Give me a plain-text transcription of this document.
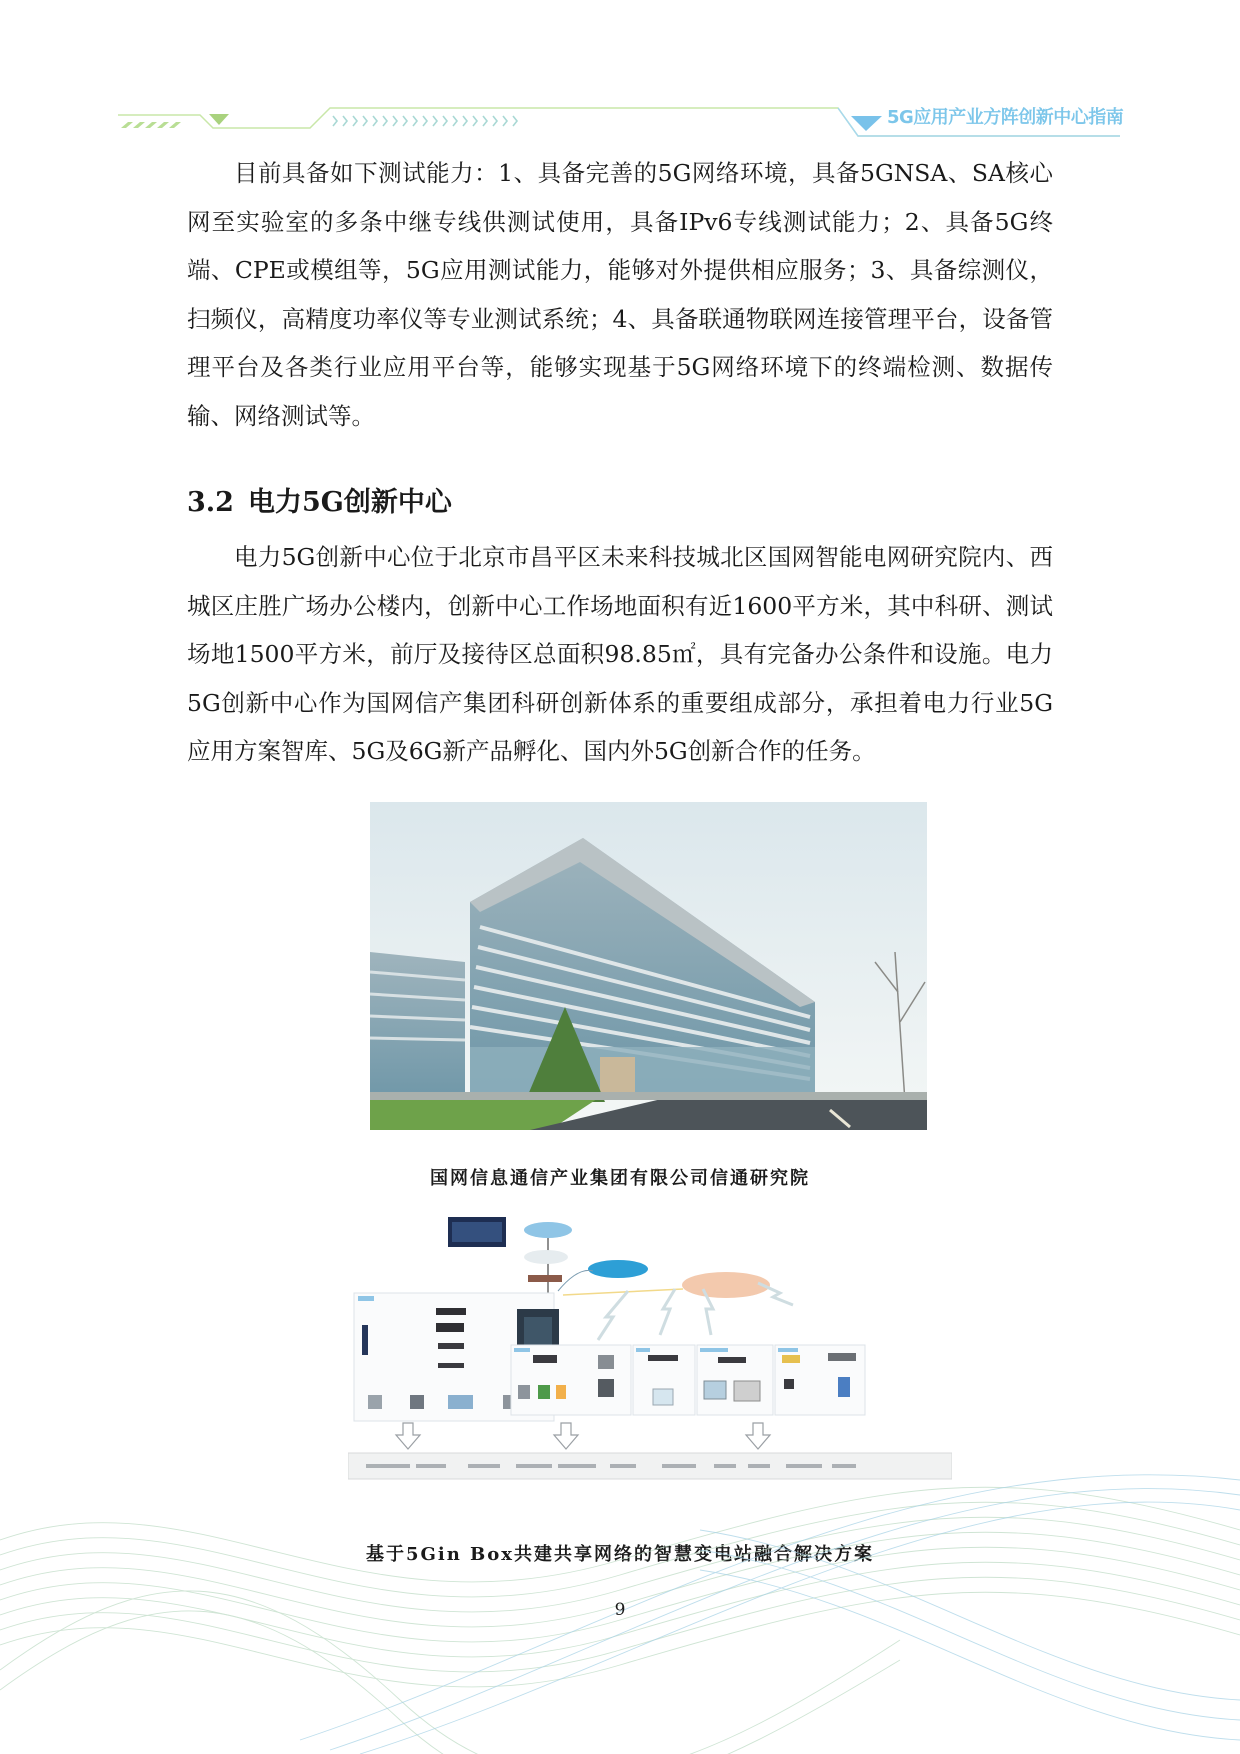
5G应用产业方阵创新中心指南

目前具备如下测试能力：1、具备完善的5G网络环境，具备5GNSA、SA核心网至实验室的多条中继专线供测试使用，具备IPv6专线测试能力；2、具备5G终端、CPE或模组等，5G应用测试能力，能够对外提供相应服务；3、具备综测仪，扫频仪，高精度功率仪等专业测试系统；4、具备联通物联网连接管理平台，设备管理平台及各类行业应用平台等，能够实现基于5G网络环境下的终端检测、数据传输、网络测试等。

3.2 电力5G创新中心

电力5G创新中心位于北京市昌平区未来科技城北区国网智能电网研究院内、西城区庄胜广场办公楼内，创新中心工作场地面积有近1600平方米，其中科研、测试场地1500平方米，前厅及接待区总面积98.85㎡，具有完备办公条件和设施。电力5G创新中心作为国网信产集团科研创新体系的重要组成部分，承担着电力行业5G应用方案智库、5G及6G新产品孵化、国内外5G创新合作的任务。

国网信息通信产业集团有限公司信通研究院
基于5Gin Box共建共享网络的智慧变电站融合解决方案
9
